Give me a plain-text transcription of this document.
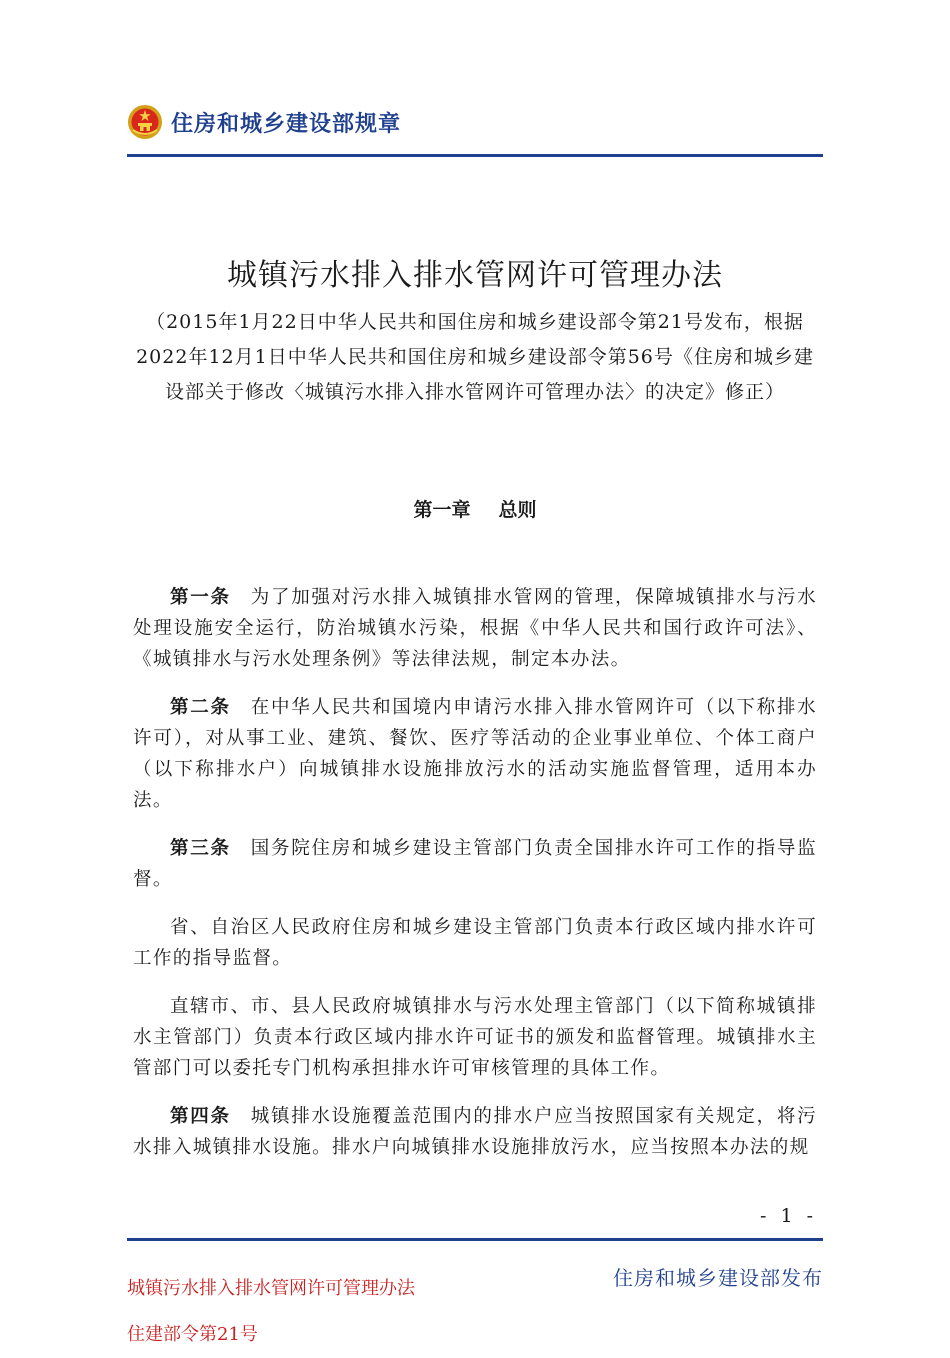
住房和城乡建设部规章
城镇污水排入排水管网许可管理办法
（2015年1月22日中华人民共和国住房和城乡建设部令第21号发布，根据2022年12月1日中华人民共和国住房和城乡建设部令第56号《住房和城乡建设部关于修改〈城镇污水排入排水管网许可管理办法〉的决定》修正）
第一章 总则

第一条 为了加强对污水排入城镇排水管网的管理，保障城镇排水与污水处理设施安全运行，防治城镇水污染，根据《中华人民共和国行政许可法》、《城镇排水与污水处理条例》等法律法规，制定本办法。

第二条 在中华人民共和国境内申请污水排入排水管网许可（以下称排水许可），对从事工业、建筑、餐饮、医疗等活动的企业事业单位、个体工商户（以下称排水户）向城镇排水设施排放污水的活动实施监督管理，适用本办法。

第三条 国务院住房和城乡建设主管部门负责全国排水许可工作的指导监督。

省、自治区人民政府住房和城乡建设主管部门负责本行政区域内排水许可工作的指导监督。

直辖市、市、县人民政府城镇排水与污水处理主管部门（以下简称城镇排水主管部门）负责本行政区域内排水许可证书的颁发和监督管理。城镇排水主管部门可以委托专门机构承担排水许可审核管理的具体工作。

第四条 城镇排水设施覆盖范围内的排水户应当按照国家有关规定，将污水排入城镇排水设施。排水户向城镇排水设施排放污水，应当按照本办法的规

- 1 -
城镇污水排入排水管网许可管理办法
住建部令第21号
住房和城乡建设部发布
